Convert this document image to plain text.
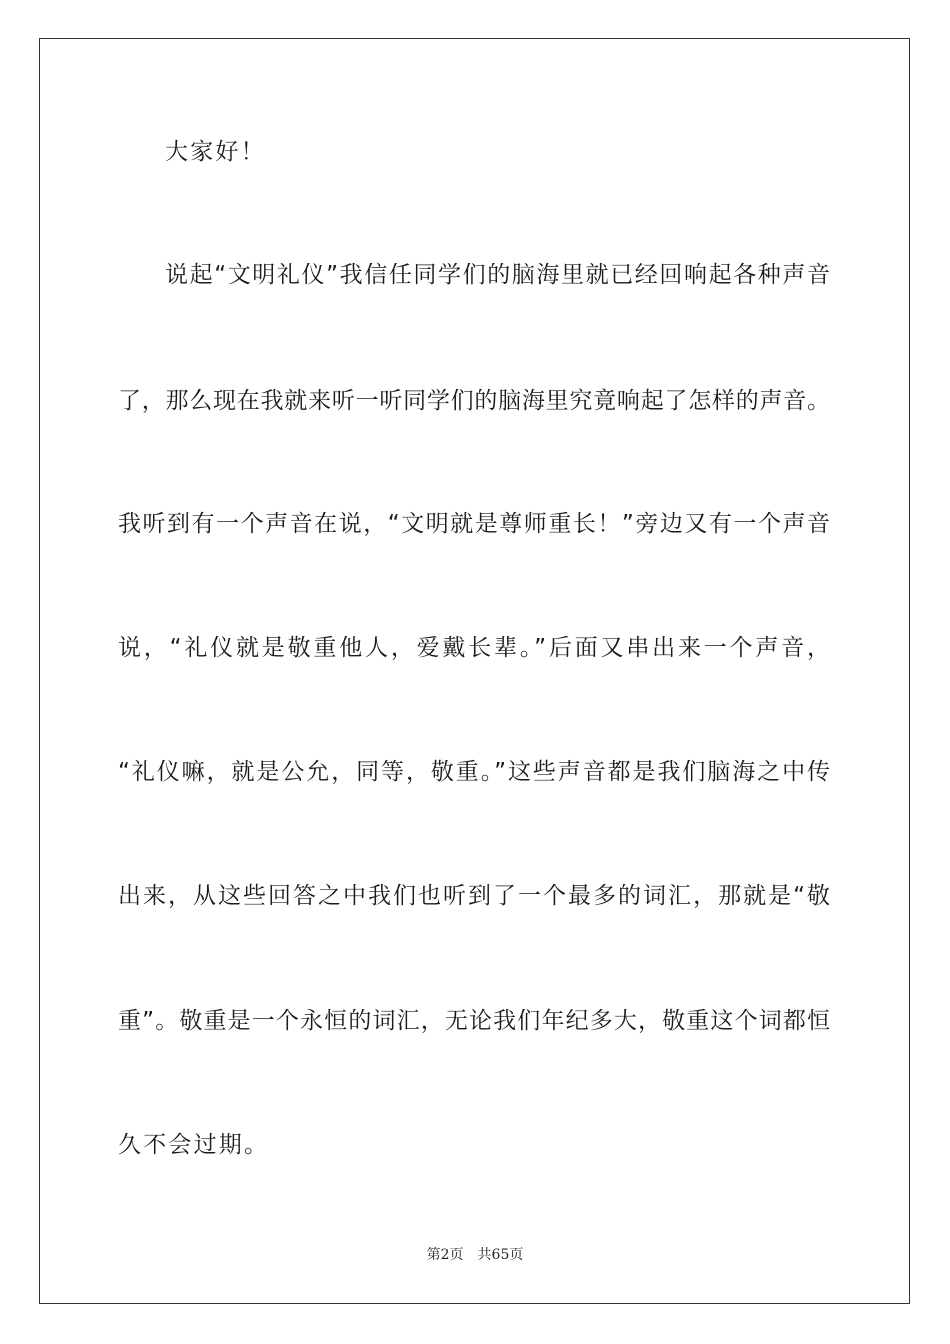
大家好！
说起“文明礼仪”我信任同学们的脑海里就已经回响起各种声音
了，那么现在我就来听一听同学们的脑海里究竟响起了怎样的声音。
我听到有一个声音在说，“文明就是尊师重长！”旁边又有一个声音
说，“礼仪就是敬重他人，爱戴长辈。”后面又串出来一个声音，
“礼仪嘛，就是公允，同等，敬重。”这些声音都是我们脑海之中传
出来，从这些回答之中我们也听到了一个最多的词汇，那就是“敬
重”。敬重是一个永恒的词汇，无论我们年纪多大，敬重这个词都恒
久不会过期。
第2页 共65页
